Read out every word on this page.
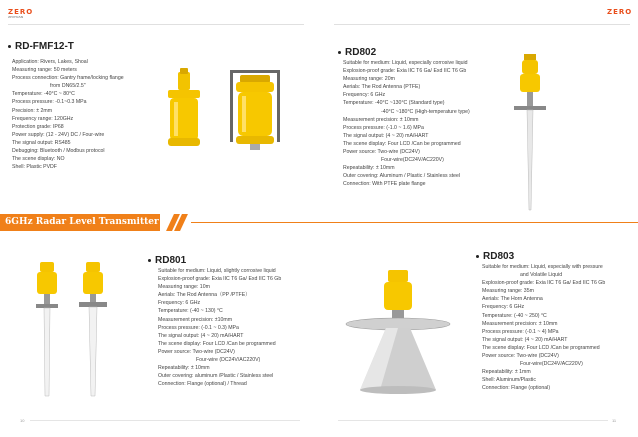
ZERO
ZHIYUAN
ZERO
RD-FMF12-T
Application: Rivers, Lakes, Shoal
Measuring range: 50 meters
Process connection: Gantry frame/locking flange
from DN65/2.5"
Temperature: -40°C ~ 80°C
Process pressure: -0.1~0.3 MPa
Precision: ± 2mm
Frequency range: 120GHz
Protection grade: IP68
Power supply: (12 - 24V) DC / Four-wire
The signal output: RS485
Debugging: Bluetooth / Modbus protocol
The scene display: NO
Shell: Plastic PVDF
RD802
Suitable for medium: Liquid, especially corrosive liquid
Explosion-proof grade: Exia IIC T6 Ga/ Exd IIC T6 Gb
Measuring range: 20m
Aerials: The Rod Antenna (PTFE)
Frequency: 6 GHz
Temperature: -40°C ~130°C (Standard type)
-40°C ~180°C (High-temperature type)
Measurement precision: ± 10mm
Process pressure: (-1.0 ~ 1.6) MPa
The signal output: (4 ~ 20) mA/HART
The scene display: Four LCD /Can be programmed
Power source: Two-wire (DC24V)
Four-wire(DC24V/AC220V)
Repeatability: ± 10mm
Outer covering: Aluminum / Plastic / Stainless steel
Connection: With PTFE plate flange
6GHz Radar Level Transmitter
RD801
Suitable for medium: Liquid, slightly corrosive liquid
Explosion-proof grade: Exia IIC T6 Ga/ Exd IIC T6 Gb
Measuring range: 10m
Aerials: The Rod Antenna（PP /PTFE）
Frequency: 6 GHz
Temperature: (-40 ~ 130) °C
Measurement precision: ±10mm
Process pressure: (-0.1 ~ 0.3) MPa
The signal output: (4 ~ 20) mA/HART
The scene display: Four LCD /Can be programmed
Power source: Two-wire (DC24V)
Four-wire (DC24V/AC220V)
Repeatability: ± 10mm
Outer covering: aluminum /Plastic / Stainless steel
Connection: Flange (optional) / Thread
RD803
Suitable for medium: Liquid, especially with pressure
and Volatile Liquid
Explosion-proof grade: Exia IIC T6 Ga/ Exd IIC T6 Gb
Measuring range: 35m
Aerials: The Horn Antenna
Frequency: 6 GHz
Temperature: (-40 ~ 250) °C
Measurement precision: ± 10mm
Process pressure: (-0.1 ~ 4) MPa
The signal output: (4 ~ 20) mA/HART
The scene display: Four LCD /Can be programmed
Power source: Two-wire (DC24V)
Four-wire(DC24V/AC220V)
Repeatability: ± 1mm
Shell: Aluminum/Plastic
Connection: Flange (optional)
10	11
